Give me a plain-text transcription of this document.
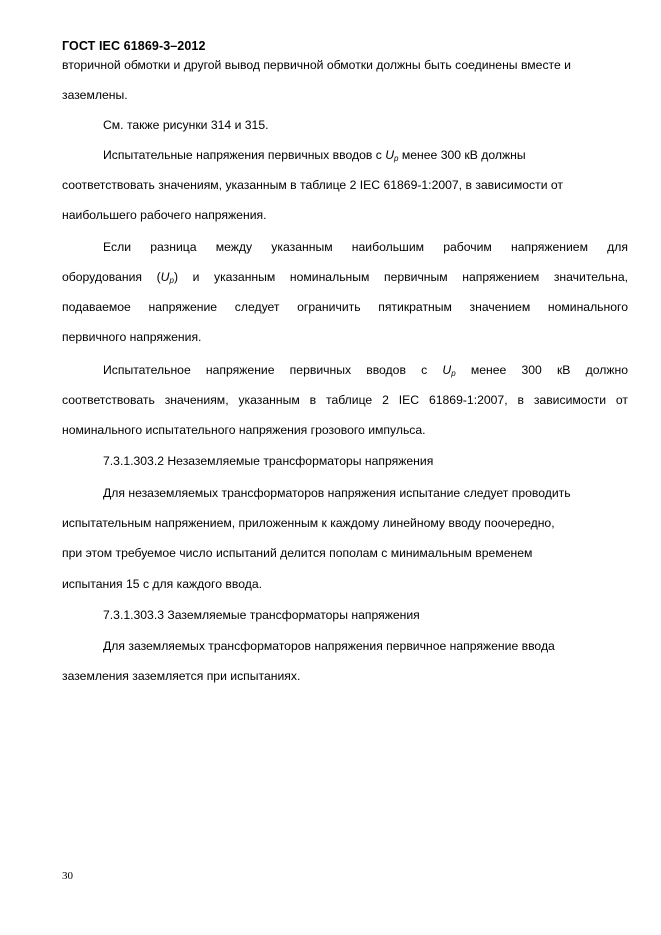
ГОСТ IEC 61869-3–2012
вторичной обмотки и другой вывод первичной обмотки должны быть соединены вместе и
заземлены.
См. также рисунки 314 и 315.
Испытательные напряжения первичных вводов с $U_p$ менее 300 кВ должны
соответствовать значениям, указанным в таблице 2 IEC 61869-1:2007, в зависимости от
наибольшего рабочего напряжения.
Если разница между указанным наибольшим рабочим напряжением для
оборудования $(U_p)$ и указанным номинальным первичным напряжением значительна,
подаваемое напряжение следует ограничить пятикратным значением номинального
первичного напряжения.
Испытательное напряжение первичных вводов с $U_p$ менее 300 кВ должно
соответствовать значениям, указанным в таблице 2 IEC 61869-1:2007, в зависимости от
номинального испытательного напряжения грозового импульса.
7.3.1.303.2 Незаземляемые трансформаторы напряжения
Для незаземляемых трансформаторов напряжения испытание следует проводить
испытательным напряжением, приложенным к каждому линейному вводу поочередно,
при этом требуемое число испытаний делится пополам с минимальным временем
испытания 15 с для каждого ввода.
7.3.1.303.3 Заземляемые трансформаторы напряжения
Для заземляемых трансформаторов напряжения первичное напряжение ввода
заземления заземляется при испытаниях.
30
